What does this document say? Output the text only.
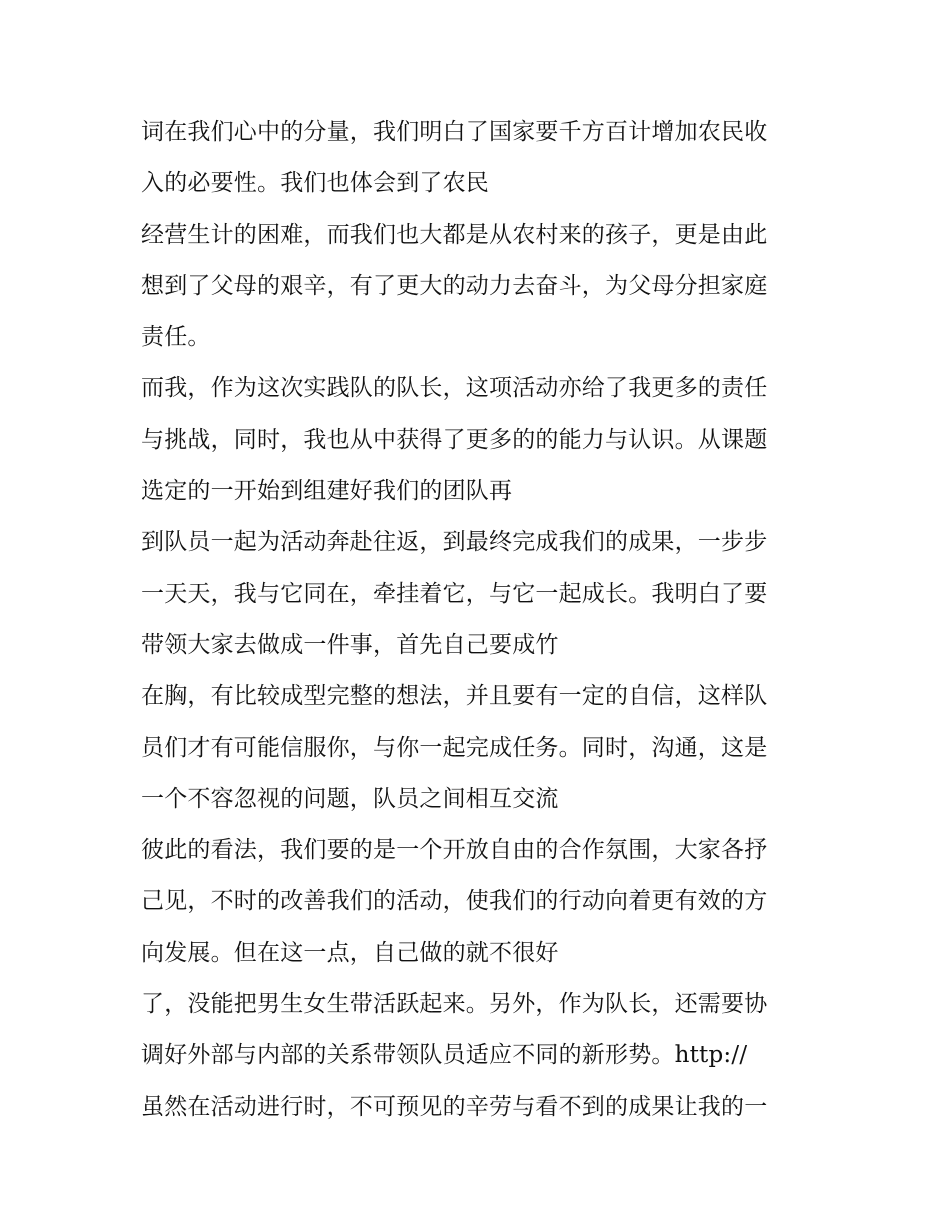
词在我们心中的分量，我们明白了国家要千方百计增加农民收
入的必要性。我们也体会到了农民
经营生计的困难，而我们也大都是从农村来的孩子，更是由此
想到了父母的艰辛，有了更大的动力去奋斗，为父母分担家庭
责任。
而我，作为这次实践队的队长，这项活动亦给了我更多的责任
与挑战，同时，我也从中获得了更多的的能力与认识。从课题
选定的一开始到组建好我们的团队再
到队员一起为活动奔赴往返，到最终完成我们的成果，一步步
一天天，我与它同在，牵挂着它，与它一起成长。我明白了要
带领大家去做成一件事，首先自己要成竹
在胸，有比较成型完整的想法，并且要有一定的自信，这样队
员们才有可能信服你，与你一起完成任务。同时，沟通，这是
一个不容忽视的问题，队员之间相互交流
彼此的看法，我们要的是一个开放自由的合作氛围，大家各抒
己见，不时的改善我们的活动，使我们的行动向着更有效的方
向发展。但在这一点，自己做的就不很好
了，没能把男生女生带活跃起来。另外，作为队长，还需要协
调好外部与内部的关系带领队员适应不同的新形势。http://
虽然在活动进行时，不可预见的辛劳与看不到的成果让我的一
